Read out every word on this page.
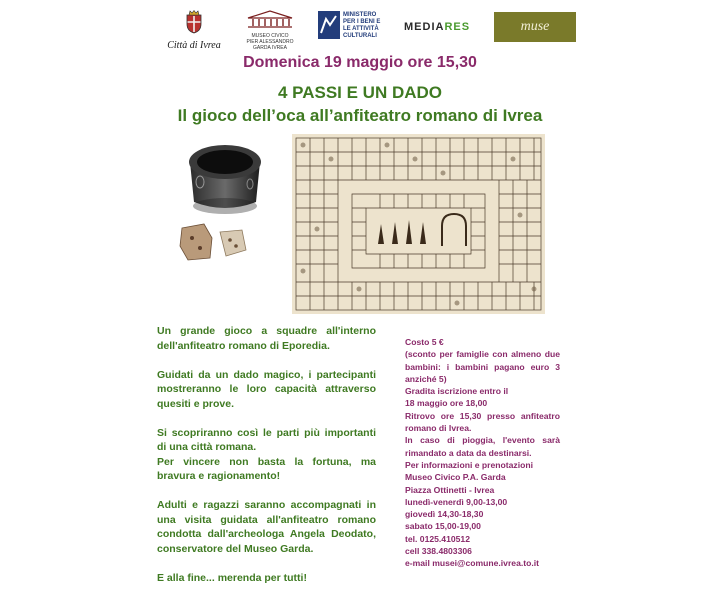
Città di Ivrea
MUSEO CIVICO
PIER ALESSANDRO
GARDA IVREA
MINISTERO
PER I BENI E
LE ATTIVITÀ
CULTURALI
MEDIARES	muse
Domenica 19 maggio ore 15,30
4 PASSI E UN DADO
Il gioco dell’oca all’anfiteatro romano di Ivrea

Un grande gioco a squadre all'interno dell'anfiteatro romano di Eporedia.

Guidati da un dado magico, i partecipanti mostreranno le loro capacità attraverso quesiti e prove.

Si scopriranno così le parti più importanti di una città romana.

Per vincere non basta la fortuna, ma bravura e ragionamento!

Adulti e ragazzi saranno accompagnati in una visita guidata all'anfiteatro romano condotta dall'archeologa Angela Deodato, conservatore del Museo Garda.

E alla fine... merenda per tutti!

Costo 5 €
(sconto per famiglie con almeno due bambini: i bambini pagano euro 3 anziché 5)
Gradita iscrizione entro il
18 maggio ore 18,00
Ritrovo ore 15,30 presso anfiteatro romano di Ivrea.
In caso di pioggia, l'evento sarà rimandato a data da destinarsi.
Per informazioni e prenotazioni
Museo Civico P.A. Garda
Piazza Ottinetti - Ivrea
lunedì-venerdì 9,00-13,00
giovedì 14,30-18,30
sabato 15,00-19,00
tel. 0125.410512
cell 338.4803306
e-mail musei@comune.ivrea.to.it
